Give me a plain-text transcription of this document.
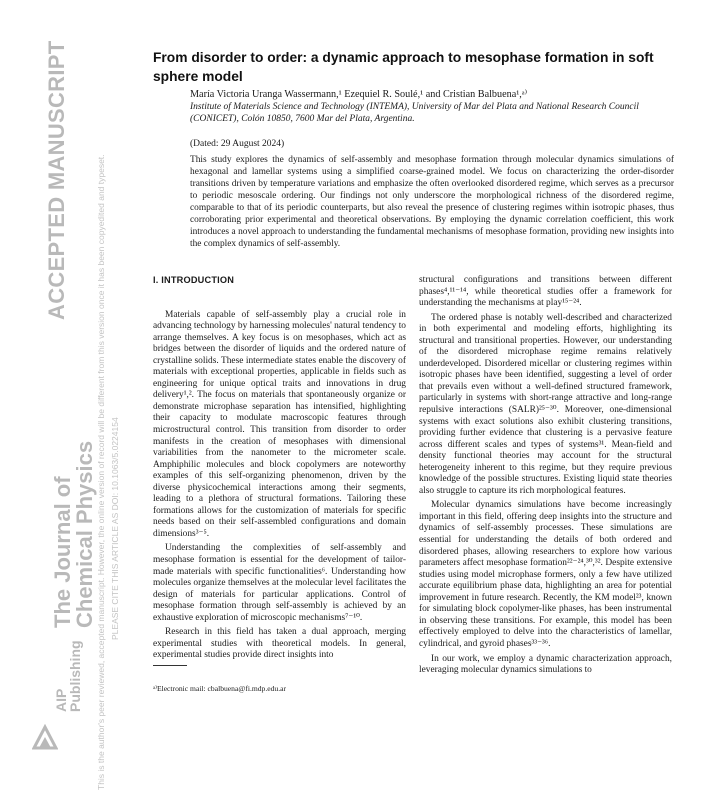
ACCEPTED MANUSCRIPT
The Journal of
Chemical Physics
AIP
Publishing This is the author's peer reviewed, accepted manuscript. However, the online version of record will be different from this version once it has been copyedited and typeset. PLEASE CITE THIS ARTICLE AS DOI: 10.1063/5.0224154
From disorder to order: a dynamic approach to mesophase formation in soft sphere model
María Victoria Uranga Wassermann,¹ Ezequiel R. Soulé,¹ and Cristian Balbuena¹,ᵃ⁾
Institute of Materials Science and Technology (INTEMA), University of Mar del Plata and National Research Council (CONICET), Colón 10850, 7600 Mar del Plata, Argentina.
(Dated: 29 August 2024)
This study explores the dynamics of self-assembly and mesophase formation through molecular dynamics simulations of hexagonal and lamellar systems using a simplified coarse-grained model. We focus on characterizing the order-disorder transitions driven by temperature variations and emphasize the often overlooked disordered regime, which serves as a precursor to periodic mesoscale ordering. Our findings not only underscore the morphological richness of the disordered regime, comparable to that of its periodic counterparts, but also reveal the presence of clustering regimes within isotropic phases, thus corroborating prior experimental and theoretical observations. By employing the dynamic correlation coefficient, this work introduces a novel approach to understanding the fundamental mechanisms of mesophase formation, providing new insights into the complex dynamics of self-assembly.
I. INTRODUCTION

Materials capable of self-assembly play a crucial role in advancing technology by harnessing molecules' natural tendency to arrange themselves. A key focus is on mesophases, which act as bridges between the disorder of liquids and the ordered nature of crystalline solids. These intermediate states enable the discovery of materials with exceptional properties, applicable in fields such as engineering for unique optical traits and innovations in drug delivery¹,². The focus on materials that spontaneously organize or demonstrate microphase separation has intensified, highlighting their capacity to modulate macroscopic features through microstructural control. This transition from disorder to order manifests in the creation of mesophases with dimensional variabilities from the nanometer to the micrometer scale. Amphiphilic molecules and block copolymers are noteworthy examples of this self-organizing phenomenon, driven by the diverse physicochemical interactions among their segments, leading to a plethora of structural formations. Tailoring these formations allows for the customization of materials for specific needs based on their self-assembled configurations and domain dimensions³⁻⁵.

Understanding the complexities of self-assembly and mesophase formation is essential for the development of tailor-made materials with specific functionalities⁶. Understanding how molecules organize themselves at the molecular level facilitates the design of materials for particular applications. Control of mesophase formation through self-assembly is achieved by an exhaustive exploration of microscopic mechanisms⁷⁻¹⁰.

Research in this field has taken a dual approach, merging experimental studies with theoretical models. In general, experimental studies provide direct insights into

ᵃ⁾Electronic mail: cbalbuena@fi.mdp.edu.ar

structural configurations and transitions between different phases⁴,¹¹⁻¹⁴, while theoretical studies offer a framework for understanding the mechanisms at play¹⁵⁻²⁴.

The ordered phase is notably well-described and characterized in both experimental and modeling efforts, highlighting its structural and transitional properties. However, our understanding of the disordered microphase regime remains relatively underdeveloped. Disordered micellar or clustering regimes within isotropic phases have been identified, suggesting a level of order that prevails even without a well-defined structured framework, particularly in systems with short-range attractive and long-range repulsive interactions (SALR)²⁵⁻³⁰. Moreover, one-dimensional systems with exact solutions also exhibit clustering transitions, providing further evidence that clustering is a pervasive feature across different scales and types of systems³¹. Mean-field and density functional theories may account for the structural heterogeneity inherent to this regime, but they require previous knowledge of the possible structures. Existing liquid state theories also struggle to capture its rich morphological features.

Molecular dynamics simulations have become increasingly important in this field, offering deep insights into the structure and dynamics of self-assembly processes. These simulations are essential for understanding the details of both ordered and disordered phases, allowing researchers to explore how various parameters affect mesophase formation²²⁻²⁴,³⁰,³². Despite extensive studies using model microphase formers, only a few have utilized accurate equilibrium phase data, highlighting an area for potential improvement in future research. Recently, the KM model²³, known for simulating block copolymer-like phases, has been instrumental in observing these transitions. For example, this model has been effectively employed to delve into the characteristics of lamellar, cylindrical, and gyroid phases³³⁻³⁶.

In our work, we employ a dynamic characterization approach, leveraging molecular dynamics simulations to
